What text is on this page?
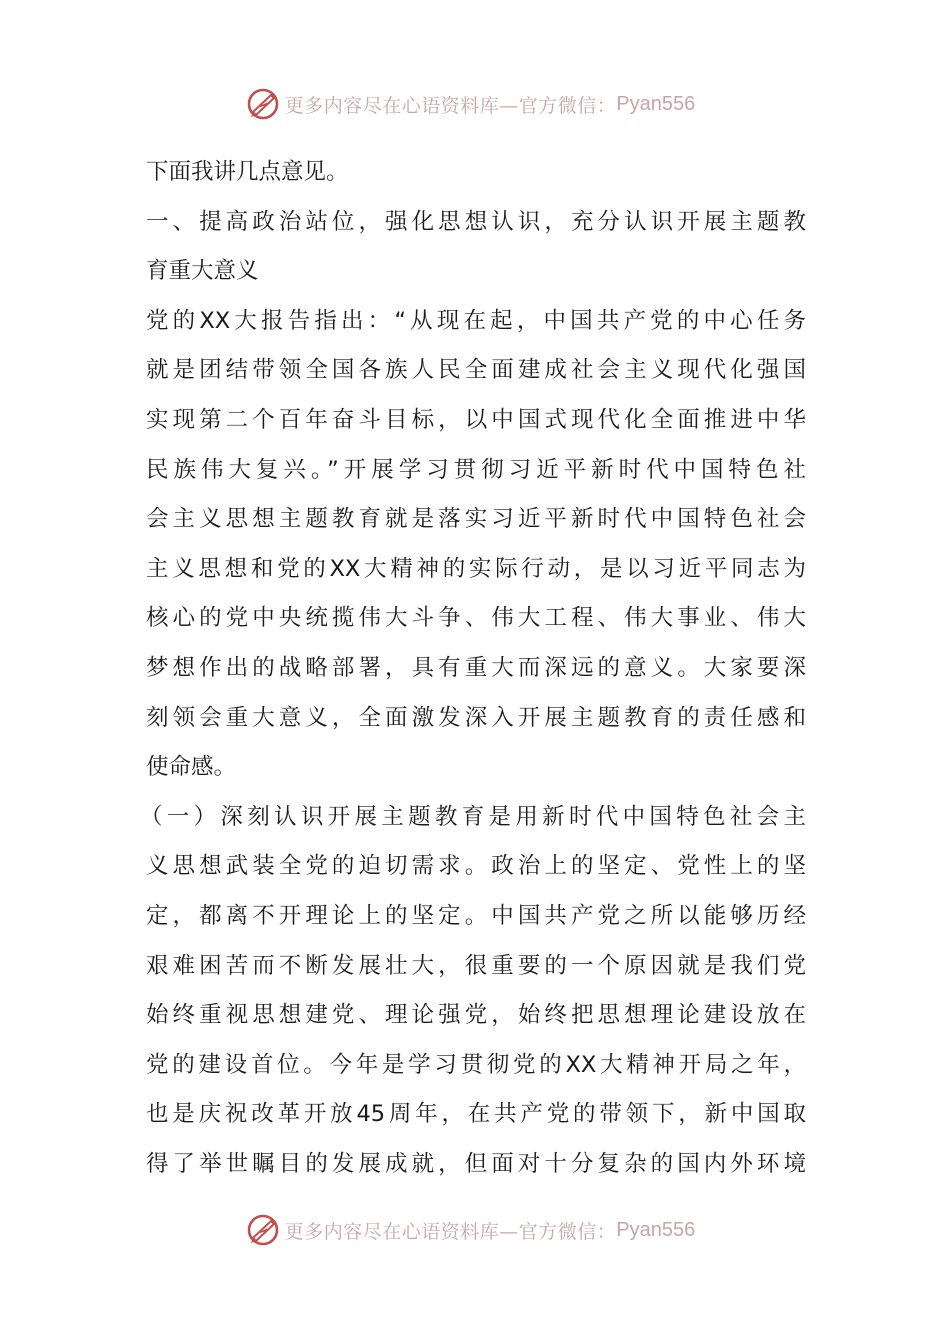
更多内容尽在心语资料库—官方微信： Pyan556
下面我讲几点意见。
一、提高政治站位，强化思想认识，充分认识开展主题教
育重大意义
党的XX大报告指出：“从现在起，中国共产党的中心任务
就是团结带领全国各族人民全面建成社会主义现代化强国
实现第二个百年奋斗目标，以中国式现代化全面推进中华
民族伟大复兴。”开展学习贯彻习近平新时代中国特色社
会主义思想主题教育就是落实习近平新时代中国特色社会
主义思想和党的XX大精神的实际行动，是以习近平同志为
核心的党中央统揽伟大斗争、伟大工程、伟大事业、伟大
梦想作出的战略部署，具有重大而深远的意义。大家要深
刻领会重大意义，全面激发深入开展主题教育的责任感和
使命感。
（一）深刻认识开展主题教育是用新时代中国特色社会主
义思想武装全党的迫切需求。政治上的坚定、党性上的坚
定，都离不开理论上的坚定。中国共产党之所以能够历经
艰难困苦而不断发展壮大，很重要的一个原因就是我们党
始终重视思想建党、理论强党，始终把思想理论建设放在
党的建设首位。今年是学习贯彻党的XX大精神开局之年，
也是庆祝改革开放45周年，在共产党的带领下，新中国取
得了举世瞩目的发展成就，但面对十分复杂的国内外环境
更多内容尽在心语资料库—官方微信： Pyan556
